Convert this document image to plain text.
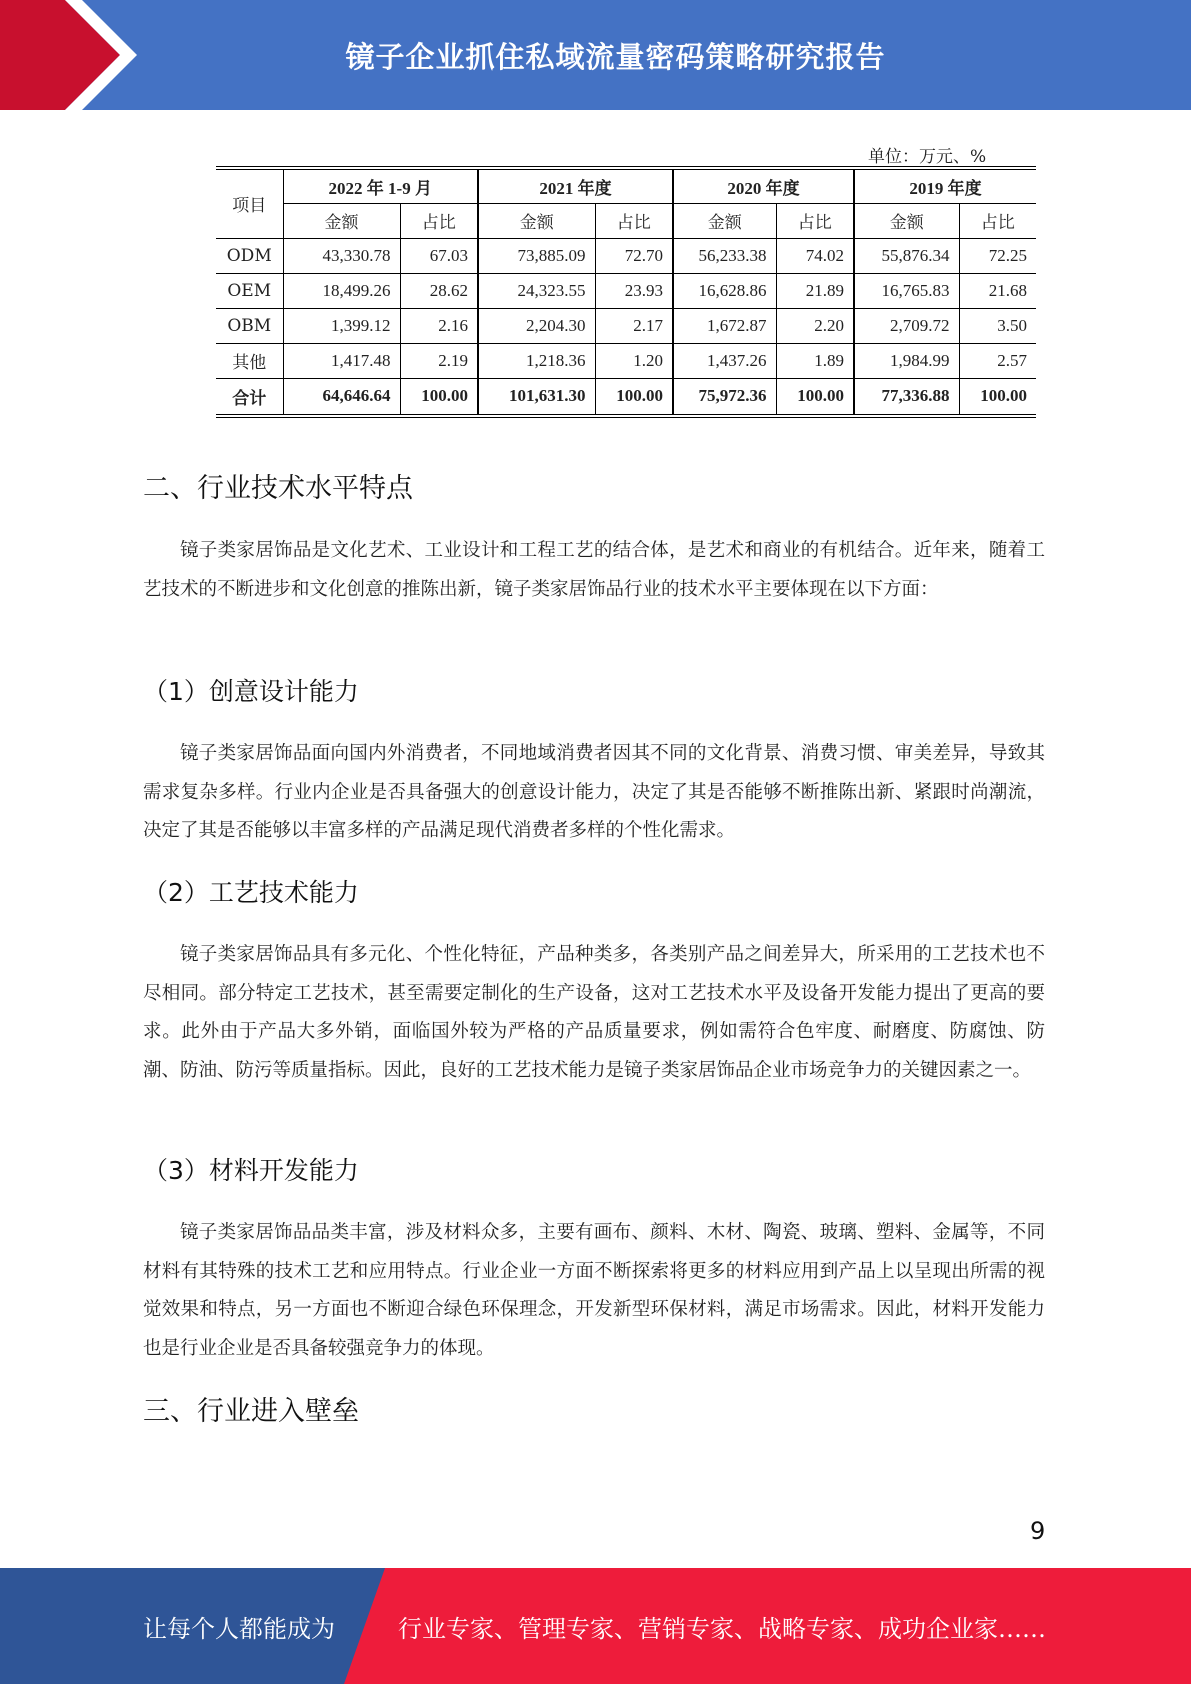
镜子企业抓住私域流量密码策略研究报告
单位：万元、%
项目	2022 年 1-9 月		2021 年度		2020 年度		2019 年度	
	金额	占比	金额	占比	金额	占比	金额	占比
ODM	43,330.78	67.03	73,885.09	72.70	56,233.38	74.02	55,876.34	72.25
OEM	18,499.26	28.62	24,323.55	23.93	16,628.86	21.89	16,765.83	21.68
OBM	1,399.12	2.16	2,204.30	2.17	1,672.87	2.20	2,709.72	3.50
其他	1,417.48	2.19	1,218.36	1.20	1,437.26	1.89	1,984.99	2.57
合计	64,646.64	100.00	101,631.30	100.00	75,972.36	100.00	77,336.88	100.00
二、行业技术水平特点

镜子类家居饰品是文化艺术、工业设计和工程工艺的结合体，是艺术和商业的有机结合。近年来，随着工艺技术的不断进步和文化创意的推陈出新，镜子类家居饰品行业的技术水平主要体现在以下方面：

（1）创意设计能力

镜子类家居饰品面向国内外消费者，不同地域消费者因其不同的文化背景、消费习惯、审美差异，导致其需求复杂多样。行业内企业是否具备强大的创意设计能力，决定了其是否能够不断推陈出新、紧跟时尚潮流，决定了其是否能够以丰富多样的产品满足现代消费者多样的个性化需求。

（2）工艺技术能力

镜子类家居饰品具有多元化、个性化特征，产品种类多，各类别产品之间差异大，所采用的工艺技术也不尽相同。部分特定工艺技术，甚至需要定制化的生产设备，这对工艺技术水平及设备开发能力提出了更高的要求。此外由于产品大多外销，面临国外较为严格的产品质量要求，例如需符合色牢度、耐磨度、防腐蚀、防潮、防油、防污等质量指标。因此，良好的工艺技术能力是镜子类家居饰品企业市场竞争力的关键因素之一。

（3）材料开发能力

镜子类家居饰品品类丰富，涉及材料众多，主要有画布、颜料、木材、陶瓷、玻璃、塑料、金属等，不同材料有其特殊的技术工艺和应用特点。行业企业一方面不断探索将更多的材料应用到产品上以呈现出所需的视觉效果和特点，另一方面也不断迎合绿色环保理念，开发新型环保材料，满足市场需求。因此，材料开发能力也是行业企业是否具备较强竞争力的体现。

三、行业进入壁垒
9
让每个人都能成为	行业专家、管理专家、营销专家、战略专家、成功企业家……
